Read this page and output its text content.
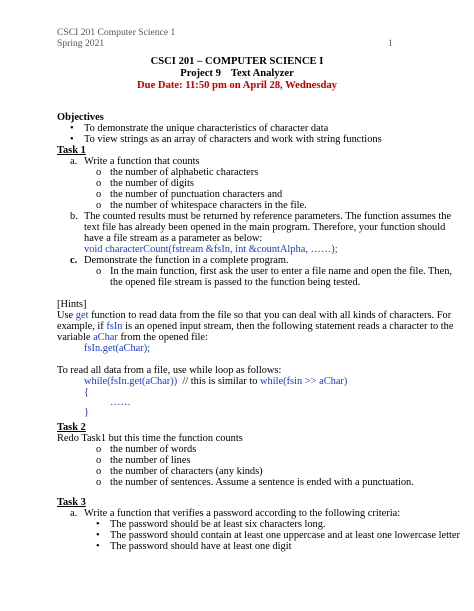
CSCI 201 Computer Science 1
Spring 2021	1
CSCI 201 – COMPUTER SCIENCE I
Project 9 Text Analyzer
Due Date: 11:50 pm on April 28, Wednesday
Objectives
•
To demonstrate the unique characteristics of character data
•
To view strings as an array of characters and work with string functions
Task 1
a. Write a function that counts
o
the number of alphabetic characters
o
the number of digits
o
the number of punctuation characters and
o
the number of whitespace characters in the file.
b. The counted results must be returned by reference parameters. The function assumes the
text file has already been opened in the main program. Therefore, your function should
have a file stream as a parameter as below:
void characterCount(fstream &fsIn, int &countAlpha, ……);
c. Demonstrate the function in a complete program.
o
In the main function, first ask the user to enter a file name and open the file. Then,
the opened file stream is passed to the function being tested.
[Hints]
Use get function to read data from the file so that you can deal with all kinds of characters. For
example, if fsIn is an opened input stream, then the following statement reads a character to the
variable aChar from the opened file:
fsIn.get(aChar);
To read all data from a file, use while loop as follows:
while(fsIn.get(aChar))  // this is similar to while(fsin >> aChar)
{
……
}
Task 2
Redo Task1 but this time the function counts
o
the number of words
o
the number of lines
o
the number of characters (any kinds)
o
the number of sentences. Assume a sentence is ended with a punctuation.
Task 3
a. Write a function that verifies a password according to the following criteria:
•
The password should be at least six characters long.
•
The password should contain at least one uppercase and at least one lowercase letter
•
The password should have at least one digit
